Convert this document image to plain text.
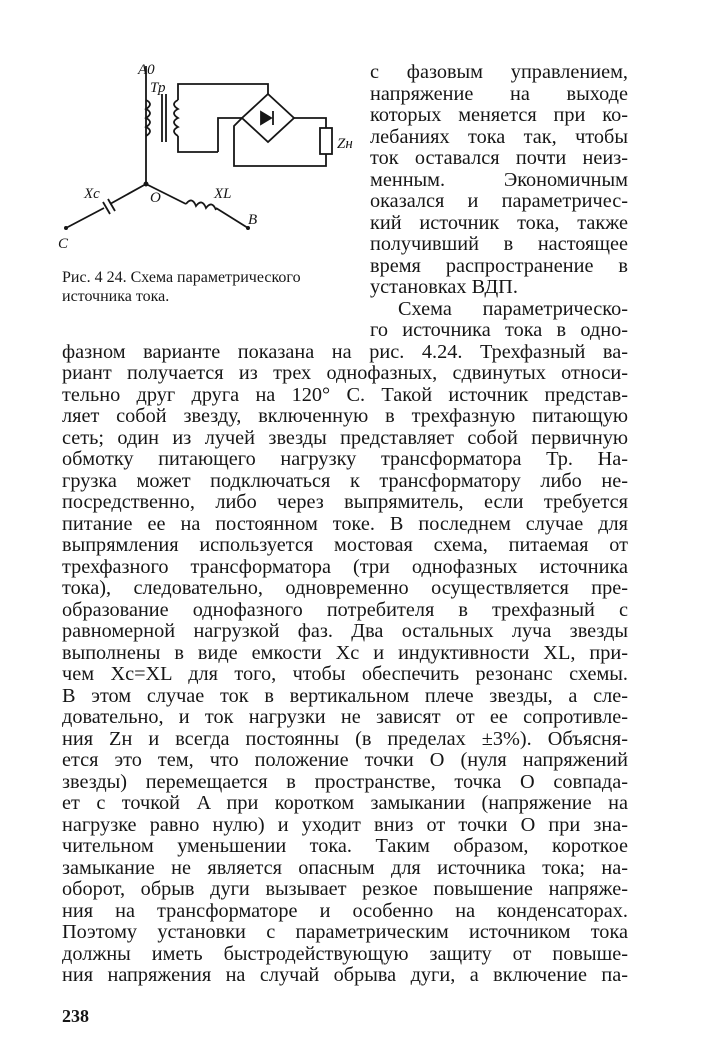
A0
Тр
Zн
Xc	XL
O
C
B
Рис. 4 24. Схема параметрического
источника тока.
с фазовым управлением,
напряжение на выходе
которых меняется при ко-
лебаниях тока так, чтобы
ток оставался почти неиз-
менным. Экономичным
оказался и параметричес-
кий источник тока, также
получивший в настоящее
время распространение в
установках ВДП.
Схема параметрическо-
го источника тока в одно-
фазном варианте показана на рис. 4.24. Трехфазный ва-
риант получается из трех однофазных, сдвинутых относи-
тельно друг друга на 120° С. Такой источник представ-
ляет собой звезду, включенную в трехфазную питающую
сеть; один из лучей звезды представляет собой первичную
обмотку питающего нагрузку трансформатора Тр. На-
грузка может подключаться к трансформатору либо не-
посредственно, либо через выпрямитель, если требуется
питание ее на постоянном токе. В последнем случае для
выпрямления используется мостовая схема, питаемая от
трехфазного трансформатора (три однофазных источника
тока), следовательно, одновременно осуществляется пре-
образование однофазного потребителя в трехфазный с
равномерной нагрузкой фаз. Два остальных луча звезды
выполнены в виде емкости Xc и индуктивности XL, при-
чем Xc=XL для того, чтобы обеспечить резонанс схемы.
В этом случае ток в вертикальном плече звезды, а сле-
довательно, и ток нагрузки не зависят от ее сопротивле-
ния Zн и всегда постоянны (в пределах ±3%). Объясня-
ется это тем, что положение точки O (нуля напряжений
звезды) перемещается в пространстве, точка O совпада-
ет с точкой A при коротком замыкании (напряжение на
нагрузке равно нулю) и уходит вниз от точки O при зна-
чительном уменьшении тока. Таким образом, короткое
замыкание не является опасным для источника тока; на-
оборот, обрыв дуги вызывает резкое повышение напряже-
ния на трансформаторе и особенно на конденсаторах.
Поэтому установки с параметрическим источником тока
должны иметь быстродействующую защиту от повыше-
ния напряжения на случай обрыва дуги, а включение па-
238
